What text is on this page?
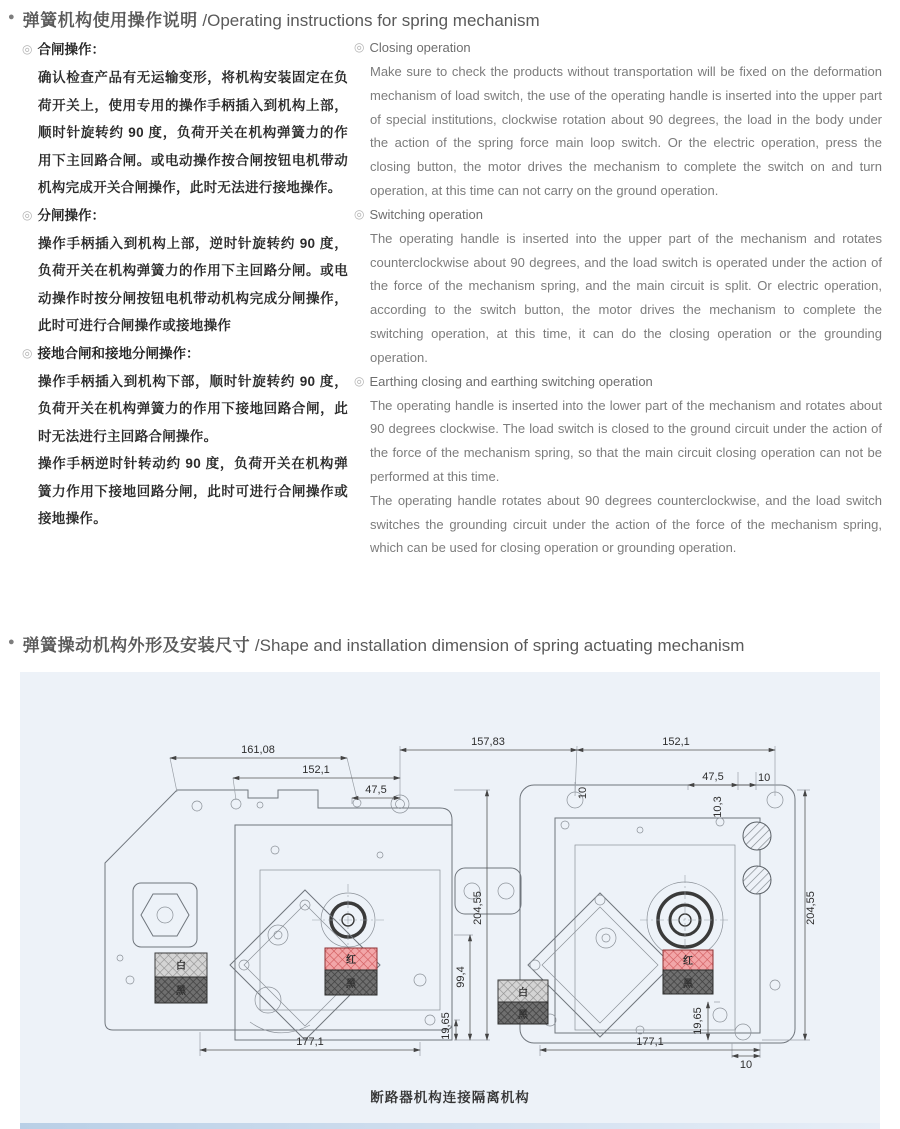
● 弹簧机构使用操作说明 /Operating instructions for spring mechanism
◎ 合闸操作：

确认检查产品有无运输变形，将机构安装固定在负荷开关上，使用专用的操作手柄插入到机构上部，顺时针旋转约 90 度，负荷开关在机构弹簧力的作用下主回路合闸。或电动操作按合闸按钮电机带动机构完成开关合闸操作，此时无法进行接地操作。

◎ 分闸操作：

操作手柄插入到机构上部，逆时针旋转约 90 度，负荷开关在机构弹簧力的作用下主回路分闸。或电动操作时按分闸按钮电机带动机构完成分闸操作，此时可进行合闸操作或接地操作

◎ 接地合闸和接地分闸操作：

操作手柄插入到机构下部，顺时针旋转约 90 度，负荷开关在机构弹簧力的作用下接地回路合闸，此时无法进行主回路合闸操作。

操作手柄逆时针转动约 90 度，负荷开关在机构弹簧力作用下接地回路分闸，此时可进行合闸操作或接地操作。

◎ Closing operation

Make sure to check the products without transportation will be fixed on the deformation mechanism of load switch, the use of the operating handle is inserted into the upper part of special institutions, clockwise rotation about 90 degrees, the load in the body under the action of the spring force main loop switch. Or the electric operation, press the closing button, the motor drives the mechanism to complete the switch on and turn operation, at this time can not carry on the ground operation.

◎ Switching operation

The operating handle is inserted into the upper part of the mechanism and rotates counterclockwise about 90 degrees, and the load switch is operated under the action of the force of the mechanism spring, and the main circuit is split. Or electric operation, according to the switch button, the motor drives the mechanism to complete the switching operation, at this time, it can do the closing operation or the grounding operation.

◎ Earthing closing and earthing switching operation

The operating handle is inserted into the lower part of the mechanism and rotates about 90 degrees clockwise. The load switch is closed to the ground circuit under the action of the force of the mechanism spring, so that the main circuit closing operation can not be performed at this time.

The operating handle rotates about 90 degrees counterclockwise, and the load switch switches the grounding circuit under the action of the force of the mechanism spring, which can be used for closing operation or grounding operation.

● 弹簧操动机构外形及安装尺寸 /Shape and installation dimension of spring actuating mechanism
白
黑
红
黑
红
黑
白
黑
161,08
152,1
47,5
157,83	152,1
47,5	10
10,3
10
204,55
99,4
19,65
204,55
19,65
177,1	177,1
10
断路器机构连接隔离机构
